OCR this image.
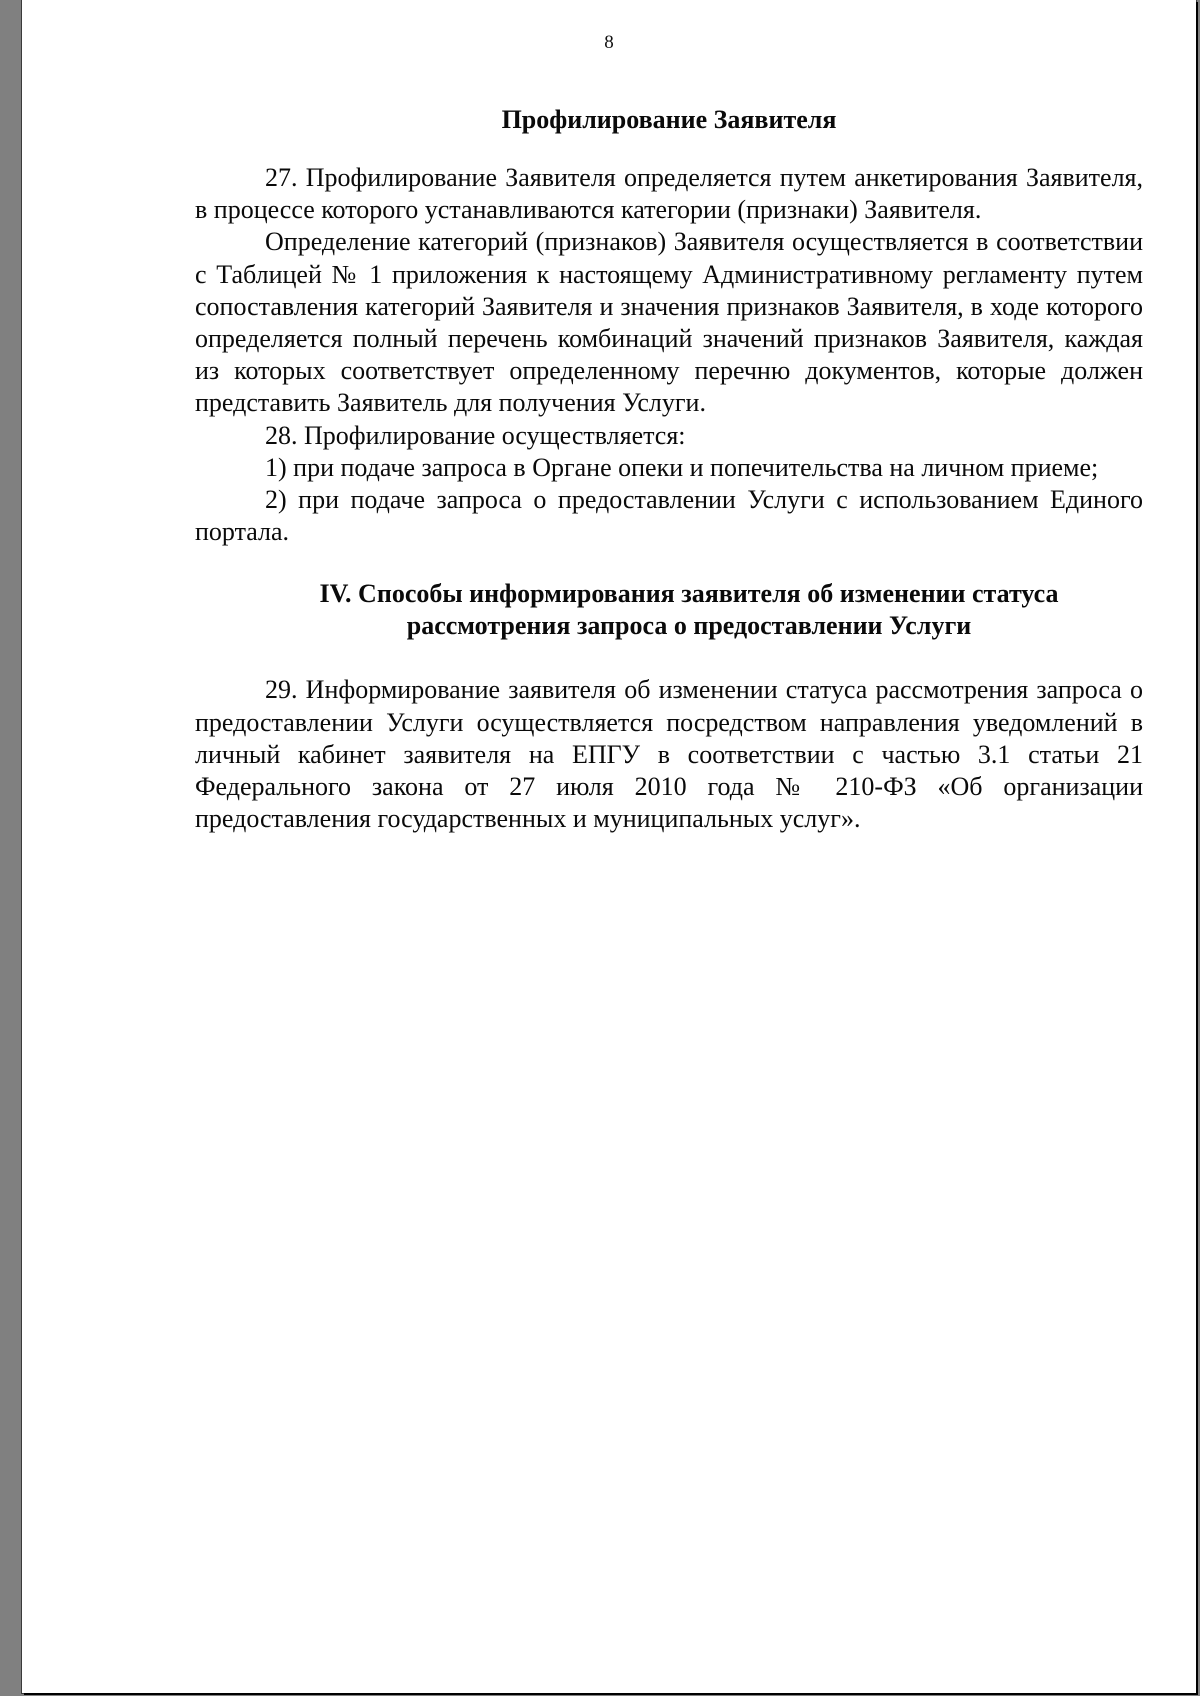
8
Профилирование Заявителя

27. Профилирование Заявителя определяется путем анкетирования Заявителя, в процессе которого устанавливаются категории (признаки) Заявителя.

Определение категорий (признаков) Заявителя осуществляется в соответствии с Таблицей № 1 приложения к настоящему Административному регламенту путем сопоставления категорий Заявителя и значения признаков Заявителя, в ходе которого определяется полный перечень комбинаций значений признаков Заявителя, каждая из которых соответствует определенному перечню документов, которые должен представить Заявитель для получения Услуги.

28. Профилирование осуществляется:

1) при подаче запроса в Органе опеки и попечительства на личном приеме;

2) при подаче запроса о предоставлении Услуги с использованием Единого портала.

IV. Способы информирования заявителя об изменении статуса
рассмотрения запроса о предоставлении Услуги

29. Информирование заявителя об изменении статуса рассмотрения запроса о предоставлении Услуги осуществляется посредством направления уведомлений в личный кабинет заявителя на ЕПГУ в соответствии с частью 3.1 статьи 21 Федерального закона от 27 июля 2010 года № 210-ФЗ «Об организации предоставления государственных и муниципальных услуг».
